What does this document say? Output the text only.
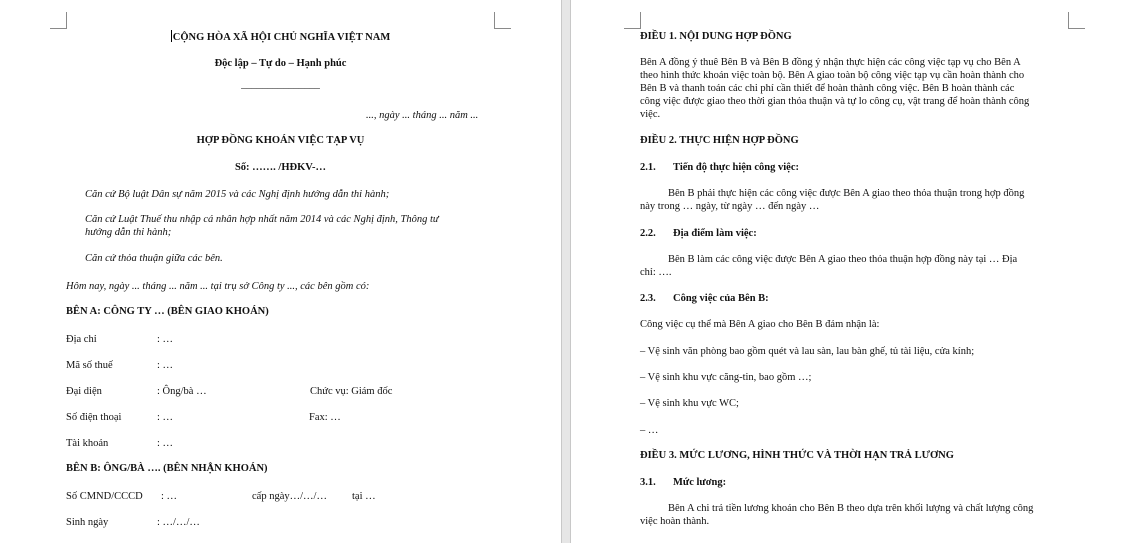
CỘNG HÒA XÃ HỘI CHỦ NGHĨA VIỆT NAM
Độc lập – Tự do – Hạnh phúc
_______________
..., ngày ... tháng ... năm ...
HỢP ĐỒNG KHOÁN VIỆC TẠP VỤ
Số: ……. /HĐKV-…
Căn cứ Bộ luật Dân sự năm 2015 và các Nghị định hướng dẫn thi hành;
Căn cứ Luật Thuế thu nhập cá nhân hợp nhất năm 2014 và các Nghị định, Thông tư
hướng dẫn thi hành;
Căn cứ thỏa thuận giữa các bên.
Hôm nay, ngày ... tháng ... năm ... tại trụ sở Công ty ..., các bên gồm có:
BÊN A: CÔNG TY … (BÊN GIAO KHOÁN)
Địa chỉ	: …
Mã số thuế	: …
Đại diện	: Ông/bà …	Chức vụ: Giám đốc
Số điện thoại	: …	Fax: …
Tài khoản	: …
BÊN B: ÔNG/BÀ …. (BÊN NHẬN KHOÁN)
Số CMND/CCCD : …	cấp ngày…/…/… tại …
Sinh ngày	: …/…/…
ĐIỀU 1. NỘI DUNG HỢP ĐỒNG
Bên A đồng ý thuê Bên B và Bên B đồng ý nhận thực hiện các công việc tạp vụ cho Bên A
theo hình thức khoán việc toàn bộ. Bên A giao toàn bộ công việc tạp vụ cần hoàn thành cho
Bên B và thanh toán các chi phí cần thiết để hoàn thành công việc. Bên B hoàn thành các
công việc được giao theo thời gian thỏa thuận và tự lo công cụ, vật trang để hoàn thành công
việc.
ĐIỀU 2. THỰC HIỆN HỢP ĐỒNG
2.1. Tiến độ thực hiện công việc:
Bên B phải thực hiện các công việc được Bên A giao theo thỏa thuận trong hợp đồng
này trong … ngày, từ ngày … đến ngày …
2.2. Địa điểm làm việc:
Bên B làm các công việc được Bên A giao theo thỏa thuận hợp đồng này tại … Địa
chỉ: ….
2.3. Công việc của Bên B:
Công việc cụ thể mà Bên A giao cho Bên B đảm nhận là:
– Vệ sinh văn phòng bao gồm quét và lau sàn, lau bàn ghế, tủ tài liệu, cửa kính;
– Vệ sinh khu vực căng-tin, bao gồm …;
– Vệ sinh khu vực WC;
– …
ĐIỀU 3. MỨC LƯƠNG, HÌNH THỨC VÀ THỜI HẠN TRẢ LƯƠNG
3.1. Mức lương:
Bên A chi trả tiền lương khoán cho Bên B theo dựa trên khối lượng và chất lượng công
việc hoàn thành.
